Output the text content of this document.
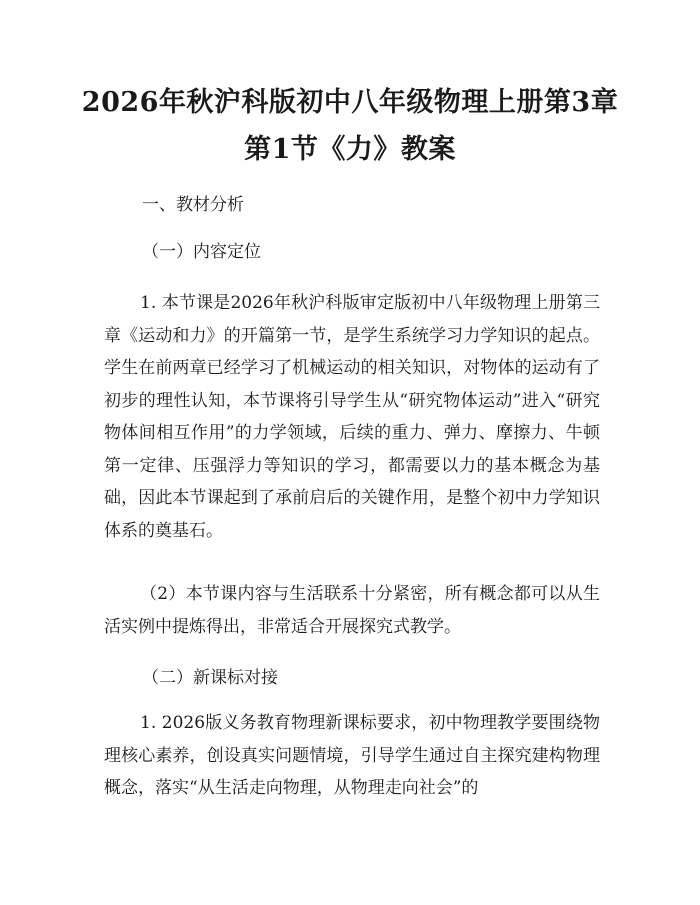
2026年秋沪科版初中八年级物理上册第3章
第1节《力》教案
一、教材分析
（一）内容定位

1. 本节课是2026年秋沪科版审定版初中八年级物理上册第三章《运动和力》的开篇第一节，是学生系统学习力学知识的起点。学生在前两章已经学习了机械运动的相关知识，对物体的运动有了初步的理性认知，本节课将引导学生从“研究物体运动”进入“研究物体间相互作用”的力学领域，后续的重力、弹力、摩擦力、牛顿第一定律、压强浮力等知识的学习，都需要以力的基本概念为基础，因此本节课起到了承前启后的关键作用，是整个初中力学知识体系的奠基石。

（2）本节课内容与生活联系十分紧密，所有概念都可以从生活实例中提炼得出，非常适合开展探究式教学。

（二）新课标对接

1. 2026版义务教育物理新课标要求，初中物理教学要围绕物理核心素养，创设真实问题情境，引导学生通过自主探究建构物理概念，落实“从生活走向物理，从物理走向社会”的
